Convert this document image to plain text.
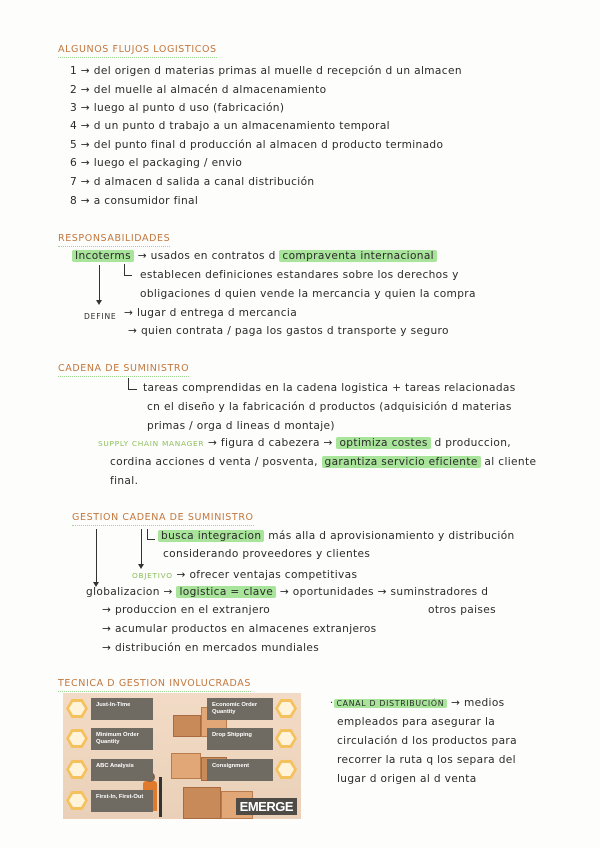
ALGUNOS FLUJOS LOGISTICOS
1 → del origen d materias primas al muelle d recepción d un almacen
2 → del muelle al almacén d almacenamiento
3 → luego al punto d uso (fabricación)
4 → d un punto d trabajo a un almacenamiento temporal
5 → del punto final d producción al almacen d producto terminado
6 → luego el packaging / envio
7 → d almacen d salida a canal distribución
8 → a consumidor final
RESPONSABILIDADES
Incoterms → usados en contratos d compraventa internacional
establecen definiciones estandares sobre los derechos y
obligaciones d quien vende la mercancia y quien la compra
DEFINE → lugar d entrega d mercancia
→ quien contrata / paga los gastos d transporte y seguro
CADENA DE SUMINISTRO
tareas comprendidas en la cadena logistica + tareas relacionadas
cn el diseño y la fabricación d productos (adquisición d materias
primas / orga d lineas d montaje)
SUPPLY CHAIN MANAGER → figura d cabezera → optimiza costes d produccion,
cordina acciones d venta / posventa, garantiza servicio eficiente al cliente
final.
GESTION CADENA DE SUMINISTRO
busca integracion más alla d aprovisionamiento y distribución
considerando proveedores y clientes
OBJETIVO → ofrecer ventajas competitivas
globalizacion → logistica = clave → oportunidades → suminstradores d
otros paises
→ produccion en el extranjero
→ acumular productos en almacenes extranjeros
→ distribución en mercados mundiales
TECNICA D GESTION INVOLUCRADAS
Just-In-Time
Minimum Order Quantity
ABC Analysis
First-In, First-Out
Economic Order Quantity
Drop Shipping
Consignment
EMERGE
· CANAL D DISTRIBUCIÓN → medios
empleados para asegurar la
circulación d los productos para
recorrer la ruta q los separa del
lugar d origen al d venta
